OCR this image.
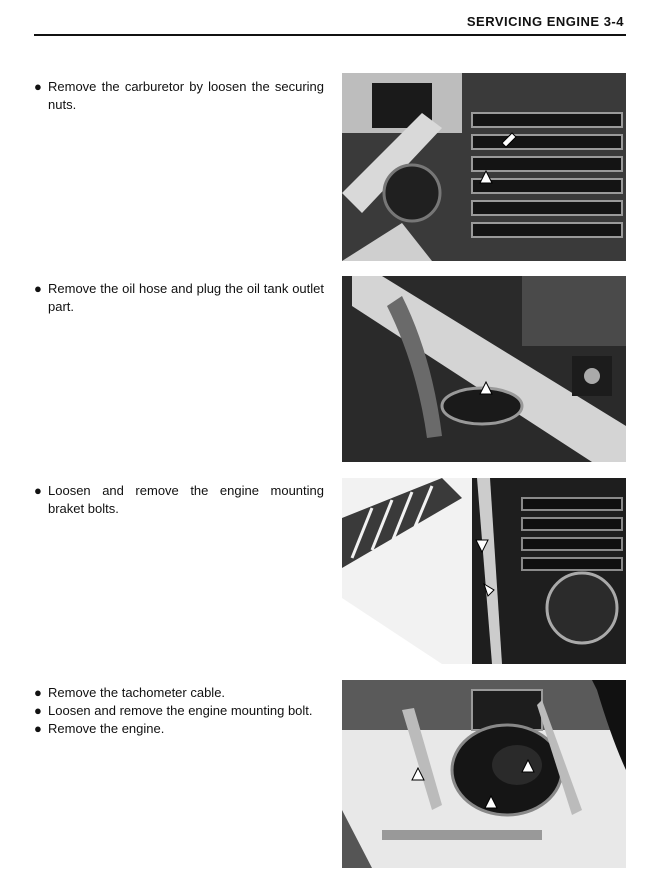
SERVICING ENGINE 3-4
● Remove the carburetor by loosen the securing nuts.
● Remove the oil hose and plug the oil tank outlet part.
● Loosen and remove the engine mounting braket bolts.
● Remove the tachometer cable.
● Loosen and remove the engine mounting bolt.
● Remove the engine.
